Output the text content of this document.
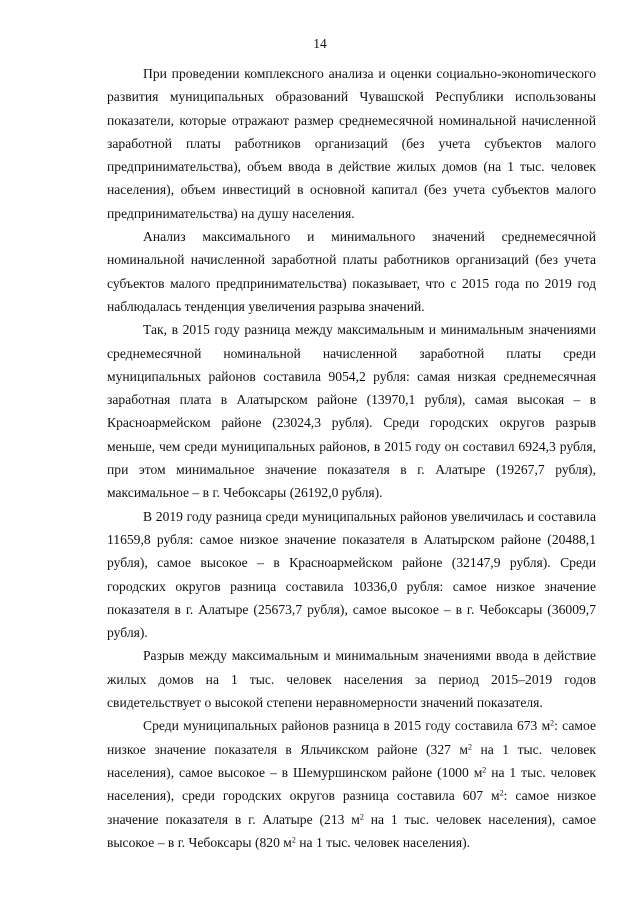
14

При проведении комплексного анализа и оценки социально-эконоmического развития муниципальных образований Чувашской Республики использованы показатели, которые отражают размер среднемесячной номинальной начисленной заработной платы работников организаций (без учета субъектов малого предпринимательства), объем ввода в действие жилых домов (на 1 тыс. человек населения), объем инвестиций в основной капитал (без учета субъектов малого предпринимательства) на душу населения.

Анализ максимального и минимального значений среднемесячной номинальной начисленной заработной платы работников организаций (без учета субъектов малого предпринимательства) показывает, что с 2015 года по 2019 год наблюдалась тенденция увеличения разрыва значений.

Так, в 2015 году разница между максимальным и минимальным значениями среднемесячной номинальной начисленной заработной платы среди муниципальных районов составила 9054,2 рубля: самая низкая среднемесячная заработная плата в Алатырском районе (13970,1 рубля), самая высокая – в Красноармейском районе (23024,3 рубля). Среди городских округов разрыв меньше, чем среди муниципальных районов, в 2015 году он составил 6924,3 рубля, при этом минимальное значение показателя в г. Алатыре (19267,7 рубля), максимальное – в г. Чебоксары (26192,0 рубля).

В 2019 году разница среди муниципальных районов увеличилась и составила 11659,8 рубля: самое низкое значение показателя в Алатырском районе (20488,1 рубля), самое высокое – в Красноармейском районе (32147,9 рубля). Среди городских округов разница составила 10336,0 рубля: самое низкое значение показателя в г. Алатыре (25673,7 рубля), самое высокое – в г. Чебоксары (36009,7 рубля).

Разрыв между максимальным и минимальным значениями ввода в действие жилых домов на 1 тыс. человек населения за период 2015–2019 годов свидетельствует о высокой степени неравномерности значений показателя.

Среди муниципальных районов разница в 2015 году составила 673 $м^2$: самое низкое значение показателя в Яльчикском районе (327 $м^2$ на 1 тыс. человек населения), самое высокое – в Шемуршинском районе (1000 $м^2$ на 1 тыс. человек населения), среди городских округов разница составила 607 $м^2$: самое низкое значение показателя в г. Алатыре (213 $м^2$ на 1 тыс. человек населения), самое высокое – в г. Чебоксары (820 $м^2$ на 1 тыс. человек населения).
